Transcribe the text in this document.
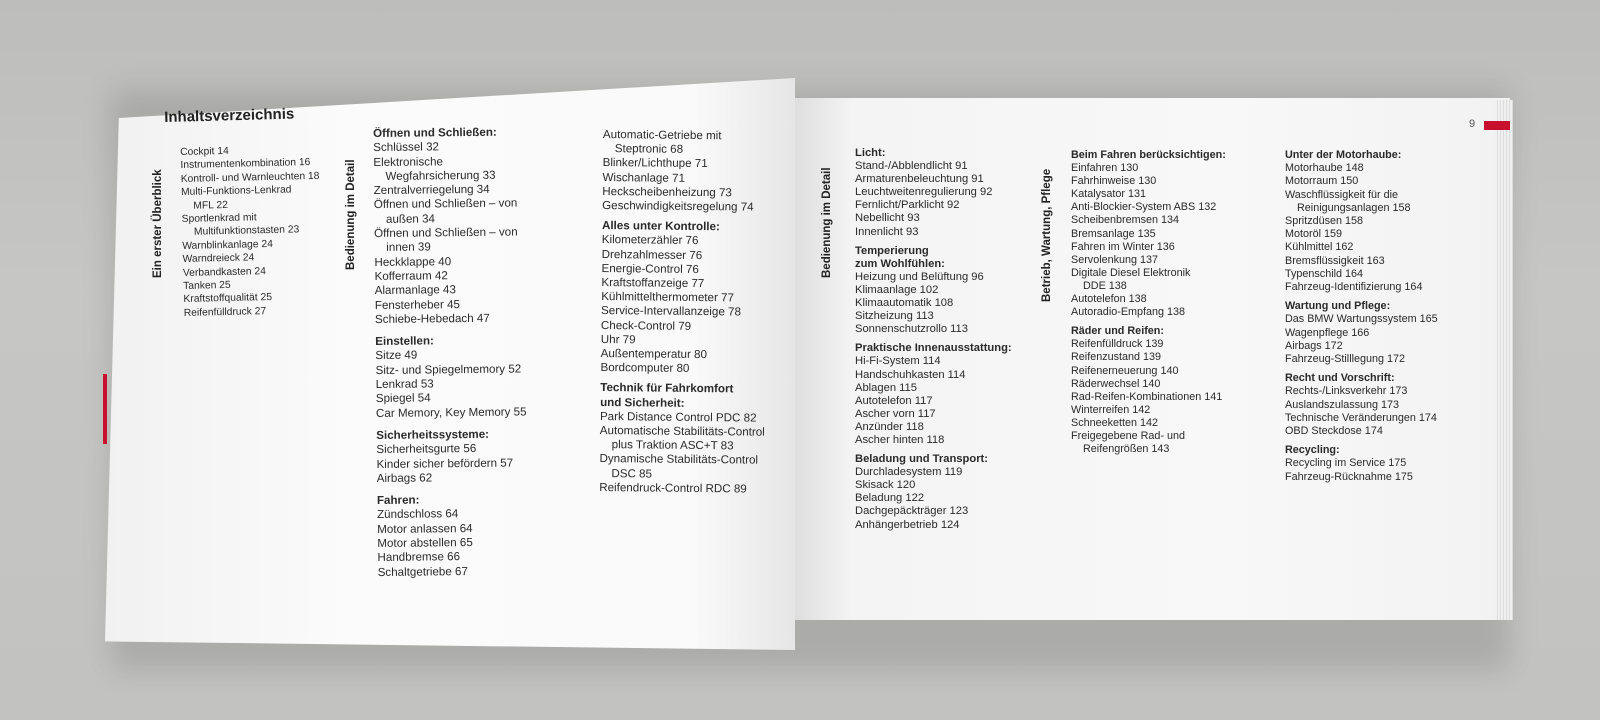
9
Inhaltsverzeichnis
Ein erster Überblick	Bedienung im Detail	Bedienung im Detail	Betrieb, Wartung, Pflege

Cockpit 14

Instrumentenkombination 16

Kontroll- und Warnleuchten 18

Multi-Funktions-Lenkrad

MFL 22

Sportlenkrad mit

Multifunktionstasten 23

Warnblinkanlage 24

Warndreieck 24

Verbandkasten 24

Tanken 25

Kraftstoffqualität 25

Reifenfülldruck 27

Öffnen und Schließen:

Schlüssel 32

Elektronische

Wegfahrsicherung 33

Zentralverriegelung 34

Öffnen und Schließen – von

außen 34

Öffnen und Schließen – von

innen 39

Heckklappe 40

Kofferraum 42

Alarmanlage 43

Fensterheber 45

Schiebe-Hebedach 47

Einstellen:

Sitze 49

Sitz- und Spiegelmemory 52

Lenkrad 53

Spiegel 54

Car Memory, Key Memory 55

Sicherheitssysteme:

Sicherheitsgurte 56

Kinder sicher befördern 57

Airbags 62

Fahren:

Zündschloss 64

Motor anlassen 64

Motor abstellen 65

Handbremse 66

Schaltgetriebe 67

Automatic-Getriebe mit

Steptronic 68

Blinker/Lichthupe 71

Wischanlage 71

Heckscheibenheizung 73

Geschwindigkeitsregelung 74

Alles unter Kontrolle:

Kilometerzähler 76

Drehzahlmesser 76

Energie-Control 76

Kraftstoffanzeige 77

Kühlmittelthermometer 77

Service-Intervallanzeige 78

Check-Control 79

Uhr 79

Außentemperatur 80

Bordcomputer 80

Technik für Fahrkomfort

und Sicherheit:

Park Distance Control PDC 82

Automatische Stabilitäts-Control

plus Traktion ASC+T 83

Dynamische Stabilitäts-Control

DSC 85

Reifendruck-Control RDC 89

Licht:

Stand-/Abblendlicht 91

Armaturenbeleuchtung 91

Leuchtweitenregulierung 92

Fernlicht/Parklicht 92

Nebellicht 93

Innenlicht 93

Temperierung

zum Wohlfühlen:

Heizung und Belüftung 96

Klimaanlage 102

Klimaautomatik 108

Sitzheizung 113

Sonnenschutzrollo 113

Praktische Innenausstattung:

Hi-Fi-System 114

Handschuhkasten 114

Ablagen 115

Autotelefon 117

Ascher vorn 117

Anzünder 118

Ascher hinten 118

Beladung und Transport:

Durchladesystem 119

Skisack 120

Beladung 122

Dachgepäckträger 123

Anhängerbetrieb 124

Beim Fahren berücksichtigen:

Einfahren 130

Fahrhinweise 130

Katalysator 131

Anti-Blockier-System ABS 132

Scheibenbremsen 134

Bremsanlage 135

Fahren im Winter 136

Servolenkung 137

Digitale Diesel Elektronik

DDE 138

Autotelefon 138

Autoradio-Empfang 138

Räder und Reifen:

Reifenfülldruck 139

Reifenzustand 139

Reifenerneuerung 140

Räderwechsel 140

Rad-Reifen-Kombinationen 141

Winterreifen 142

Schneeketten 142

Freigegebene Rad- und

Reifengrößen 143

Unter der Motorhaube:

Motorhaube 148

Motorraum 150

Waschflüssigkeit für die

Reinigungsanlagen 158

Spritzdüsen 158

Motoröl 159

Kühlmittel 162

Bremsflüssigkeit 163

Typenschild 164

Fahrzeug-Identifizierung 164

Wartung und Pflege:

Das BMW Wartungssystem 165

Wagenpflege 166

Airbags 172

Fahrzeug-Stilllegung 172

Recht und Vorschrift:

Rechts-/Linksverkehr 173

Auslandszulassung 173

Technische Veränderungen 174

OBD Steckdose 174

Recycling:

Recycling im Service 175

Fahrzeug-Rücknahme 175
